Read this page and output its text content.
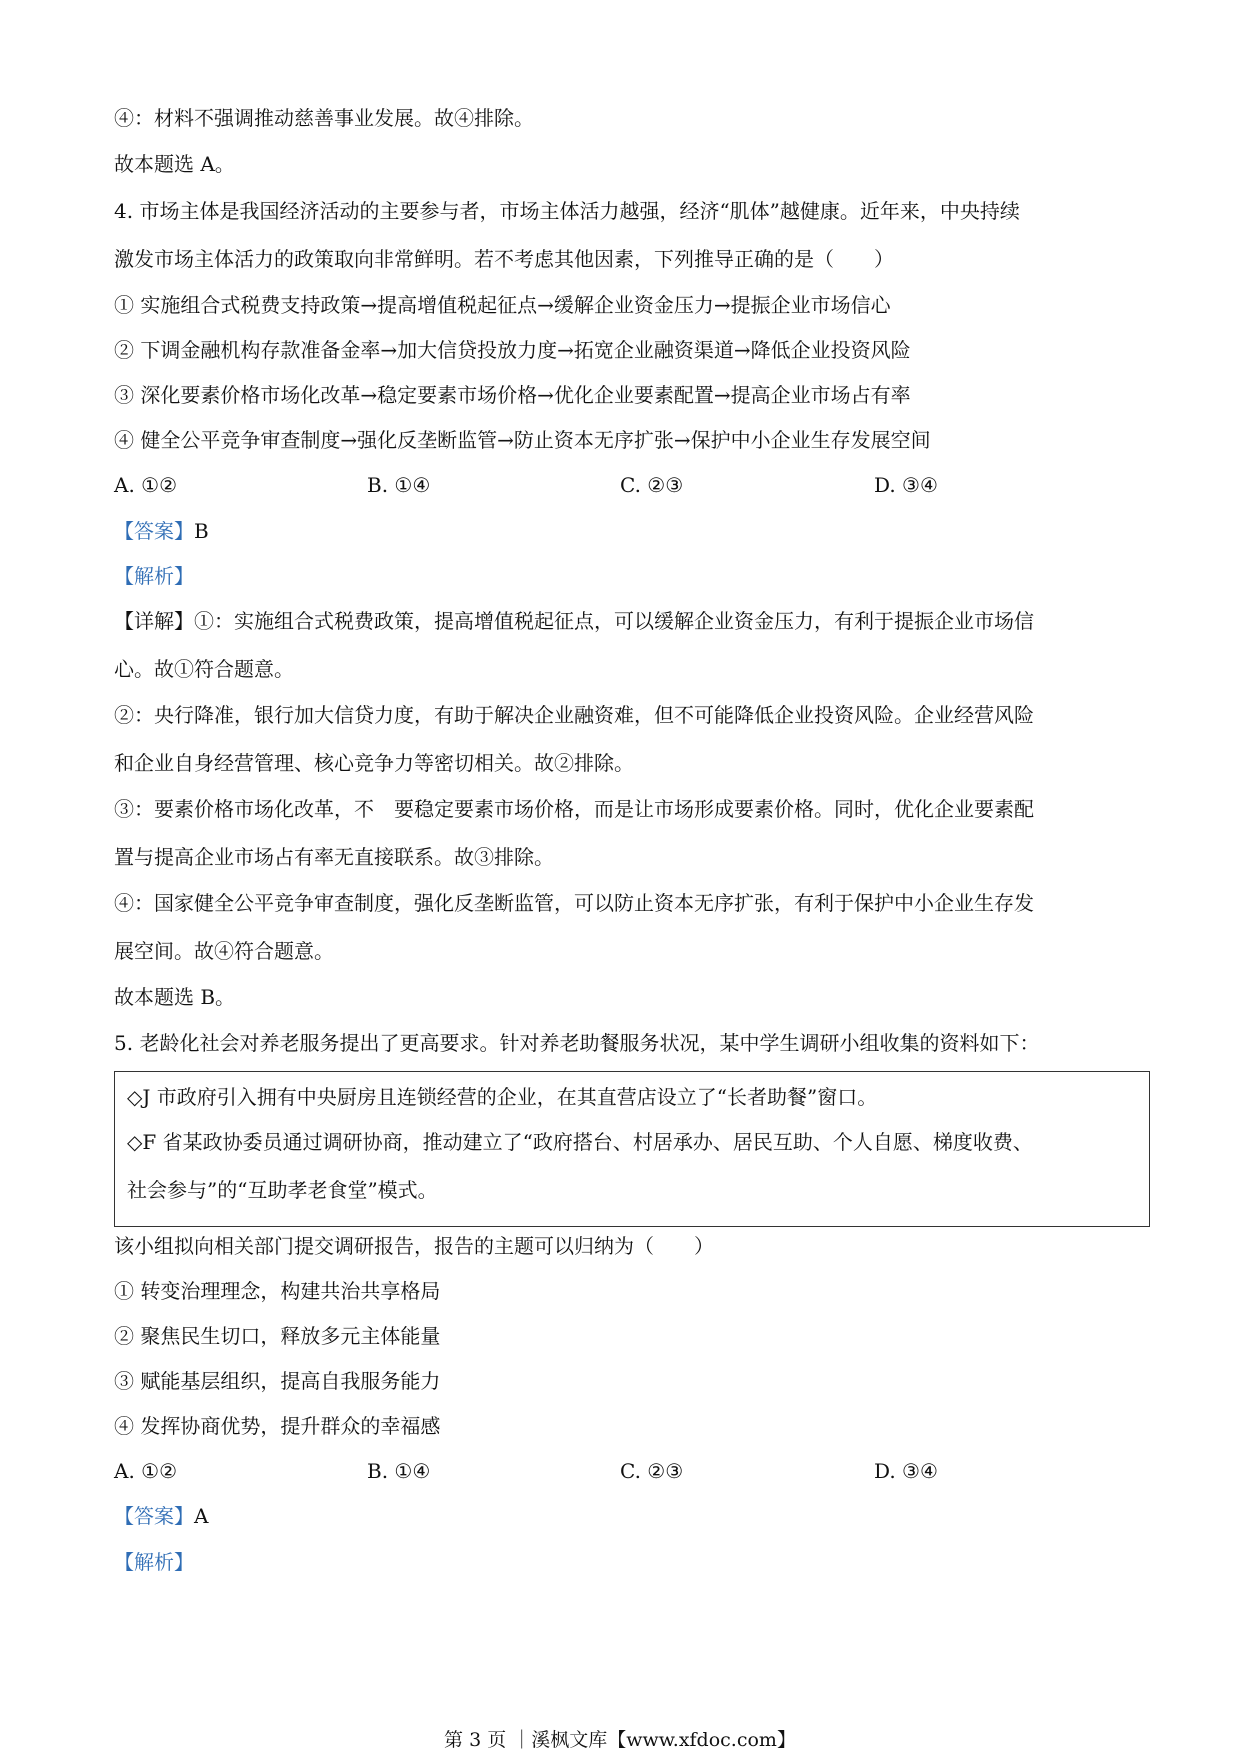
④：材料不强调推动慈善事业发展。故④排除。
故本题选 A。
4. 市场主体是我国经济活动的主要参与者，市场主体活力越强，经济“肌体”越健康。近年来，中央持续
激发市场主体活力的政策取向非常鲜明。若不考虑其他因素，下列推导正确的是（　　）
① 实施组合式税费支持政策→提高增值税起征点→缓解企业资金压力→提振企业市场信心
② 下调金融机构存款准备金率→加大信贷投放力度→拓宽企业融资渠道→降低企业投资风险
③ 深化要素价格市场化改革→稳定要素市场价格→优化企业要素配置→提高企业市场占有率
④ 健全公平竞争审查制度→强化反垄断监管→防止资本无序扩张→保护中小企业生存发展空间
A. ①②	B. ①④	C. ②③	D. ③④
【答案】B
【解析】
【详解】①：实施组合式税费政策，提高增值税起征点，可以缓解企业资金压力，有利于提振企业市场信
心。故①符合题意。
②：央行降准，银行加大信贷力度，有助于解决企业融资难，但不可能降低企业投资风险。企业经营风险
和企业自身经营管理、核心竞争力等密切相关。故②排除。
③：要素价格市场化改革，不　要稳定要素市场价格，而是让市场形成要素价格。同时，优化企业要素配
置与提高企业市场占有率无直接联系。故③排除。
④：国家健全公平竞争审查制度，强化反垄断监管，可以防止资本无序扩张，有利于保护中小企业生存发
展空间。故④符合题意。
故本题选 B。
5. 老龄化社会对养老服务提出了更高要求。针对养老助餐服务状况，某中学生调研小组收集的资料如下：
◇J 市政府引入拥有中央厨房且连锁经营的企业，在其直营店设立了“长者助餐”窗口。
◇F 省某政协委员通过调研协商，推动建立了“政府搭台、村居承办、居民互助、个人自愿、梯度收费、
社会参与”的“互助孝老食堂”模式。
该小组拟向相关部门提交调研报告，报告的主题可以归纳为（　　）
① 转变治理理念，构建共治共享格局
② 聚焦民生切口，释放多元主体能量
③ 赋能基层组织，提高自我服务能力
④ 发挥协商优势，提升群众的幸福感
A. ①②	B. ①④	C. ②③	D. ③④
【答案】A
【解析】
第 3 页 ｜溪枫文库【www.xfdoc.com】
